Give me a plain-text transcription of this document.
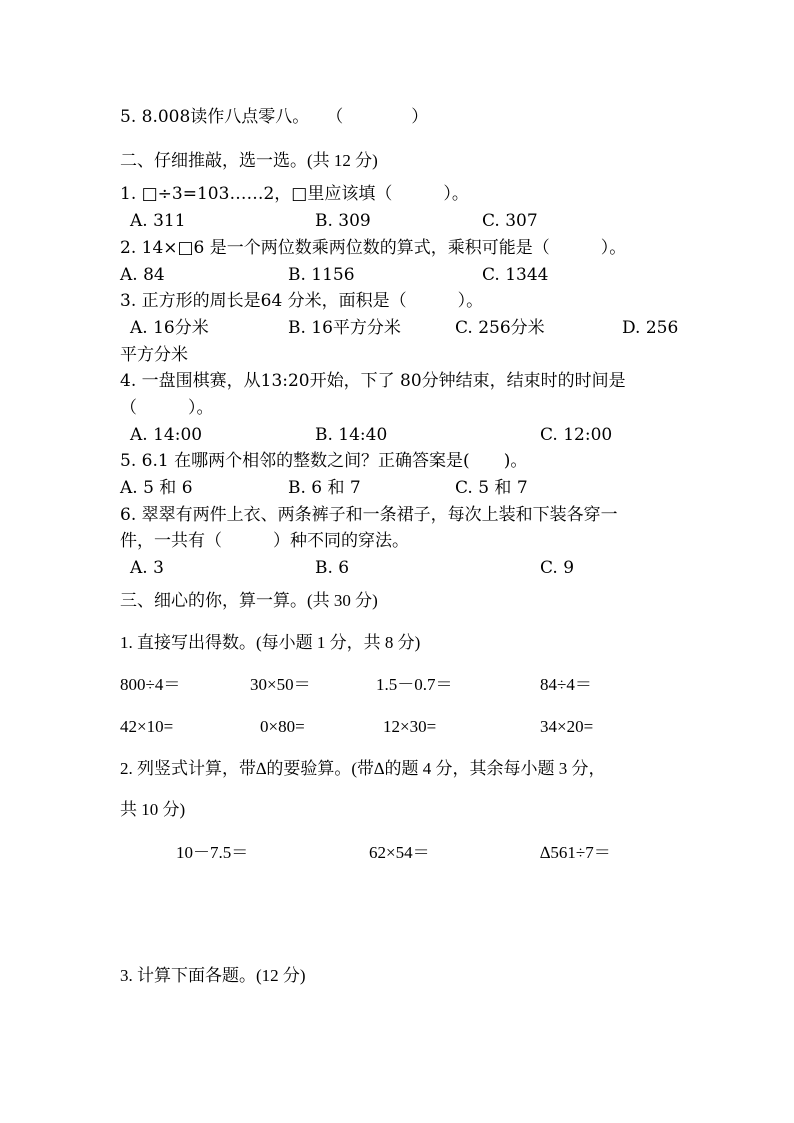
5. 8.008读作八点零八。　　（　　　　）
二、仔细推敲，选一选。(共 12 分)
1. □÷3=103……2，□里应该填（　　　）。
A. 311	B. 309	C. 307
2. 14×□6 是一个两位数乘两位数的算式，乘积可能是（　　　）。
A. 84	B. 1156	C. 1344
3. 正方形的周长是64 分米，面积是（　　　）。
A. 16分米	B. 16平方分米	C. 256分米	D. 256
平方分米
4. 一盘围棋赛，从13:20开始，下了 80分钟结束，结束时的时间是
（　　　）。
A. 14:00	B. 14:40	C. 12:00
5. 6.1 在哪两个相邻的整数之间？正确答案是(　　)。
A. 5 和 6	B. 6 和 7	C. 5 和 7
6. 翠翠有两件上衣、两条裤子和一条裙子，每次上装和下装各穿一
件，一共有（　　　）种不同的穿法。
A. 3	B. 6	C. 9
三、细心的你，算一算。(共 30 分)
1. 直接写出得数。(每小题 1 分，共 8 分)
800÷4＝	30×50＝	1.5－0.7＝	84÷4＝
42×10=	0×80=	12×30=	34×20=
2. 列竖式计算，带∆的要验算。(带∆的题 4 分，其余每小题 3 分，
共 10 分)
10－7.5＝	62×54＝	∆561÷7＝
3. 计算下面各题。(12 分)
